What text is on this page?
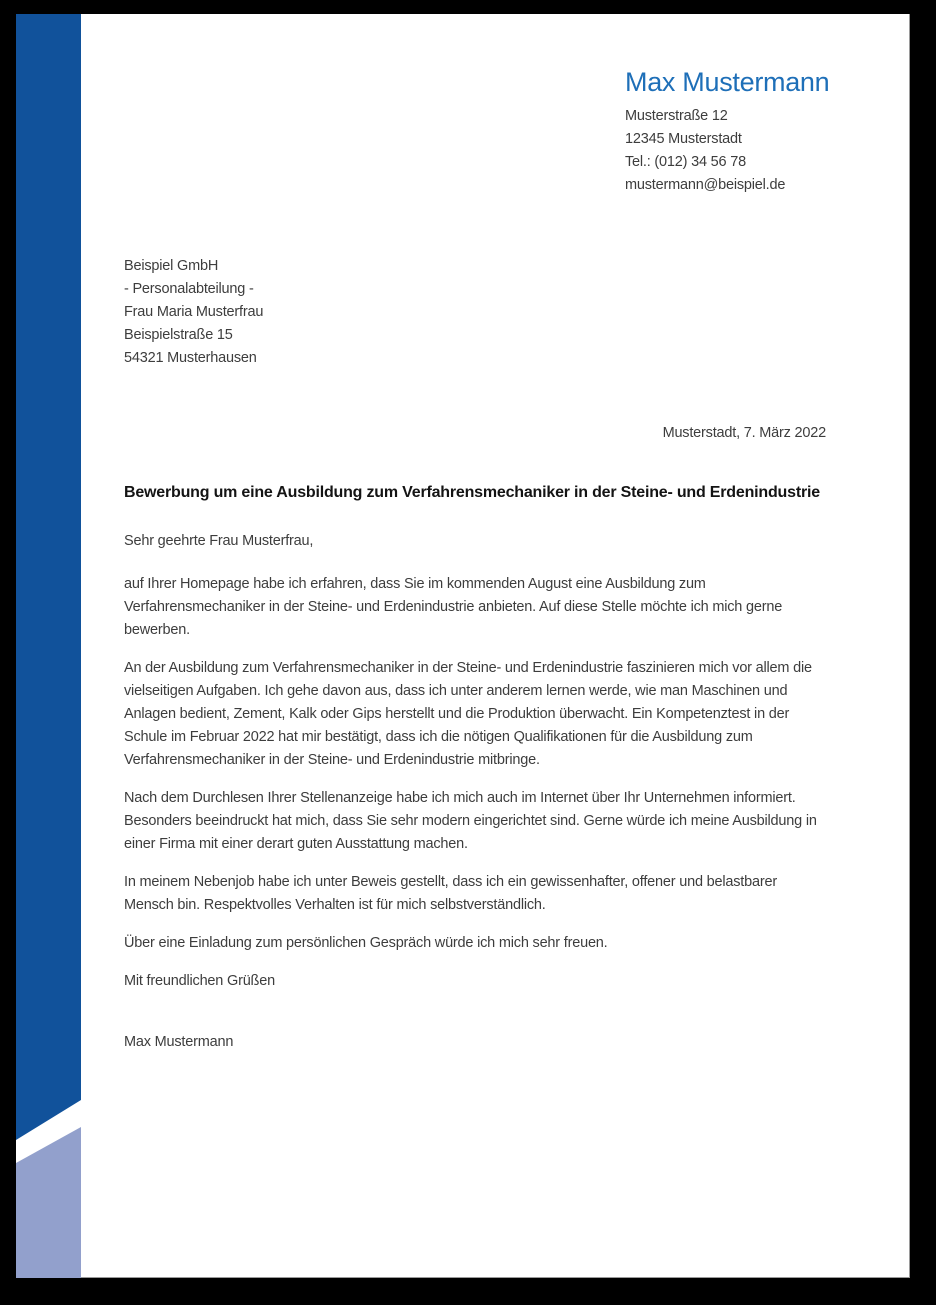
Max Mustermann
Musterstraße 12
12345 Musterstadt
Tel.: (012) 34 56 78
mustermann@beispiel.de
Beispiel GmbH
- Personalabteilung -
Frau Maria Musterfrau
Beispielstraße 15
54321 Musterhausen
Musterstadt, 7. März 2022
Bewerbung um eine Ausbildung zum Verfahrensmechaniker in der Steine- und Erdenindustrie
Sehr geehrte Frau Musterfrau,

auf Ihrer Homepage habe ich erfahren, dass Sie im kommenden August eine Ausbildung zum Verfahrensmechaniker in der Steine- und Erdenindustrie anbieten. Auf diese Stelle möchte ich mich gerne bewerben.

An der Ausbildung zum Verfahrensmechaniker in der Steine- und Erdenindustrie faszinieren mich vor allem die vielseitigen Aufgaben. Ich gehe davon aus, dass ich unter anderem lernen werde, wie man Maschinen und Anlagen bedient, Zement, Kalk oder Gips herstellt und die Produktion überwacht. Ein Kompetenztest in der Schule im Februar 2022 hat mir bestätigt, dass ich die nötigen Qualifikationen für die Ausbildung zum Verfahrensmechaniker in der Steine- und Erdenindustrie mitbringe.

Nach dem Durchlesen Ihrer Stellenanzeige habe ich mich auch im Internet über Ihr Unternehmen informiert. Besonders beeindruckt hat mich, dass Sie sehr modern eingerichtet sind. Gerne würde ich meine Ausbildung in einer Firma mit einer derart guten Ausstattung machen.

In meinem Nebenjob habe ich unter Beweis gestellt, dass ich ein gewissenhafter, offener und belastbarer Mensch bin. Respektvolles Verhalten ist für mich selbstverständlich.

Über eine Einladung zum persönlichen Gespräch würde ich mich sehr freuen.

Mit freundlichen Grüßen
Max Mustermann
